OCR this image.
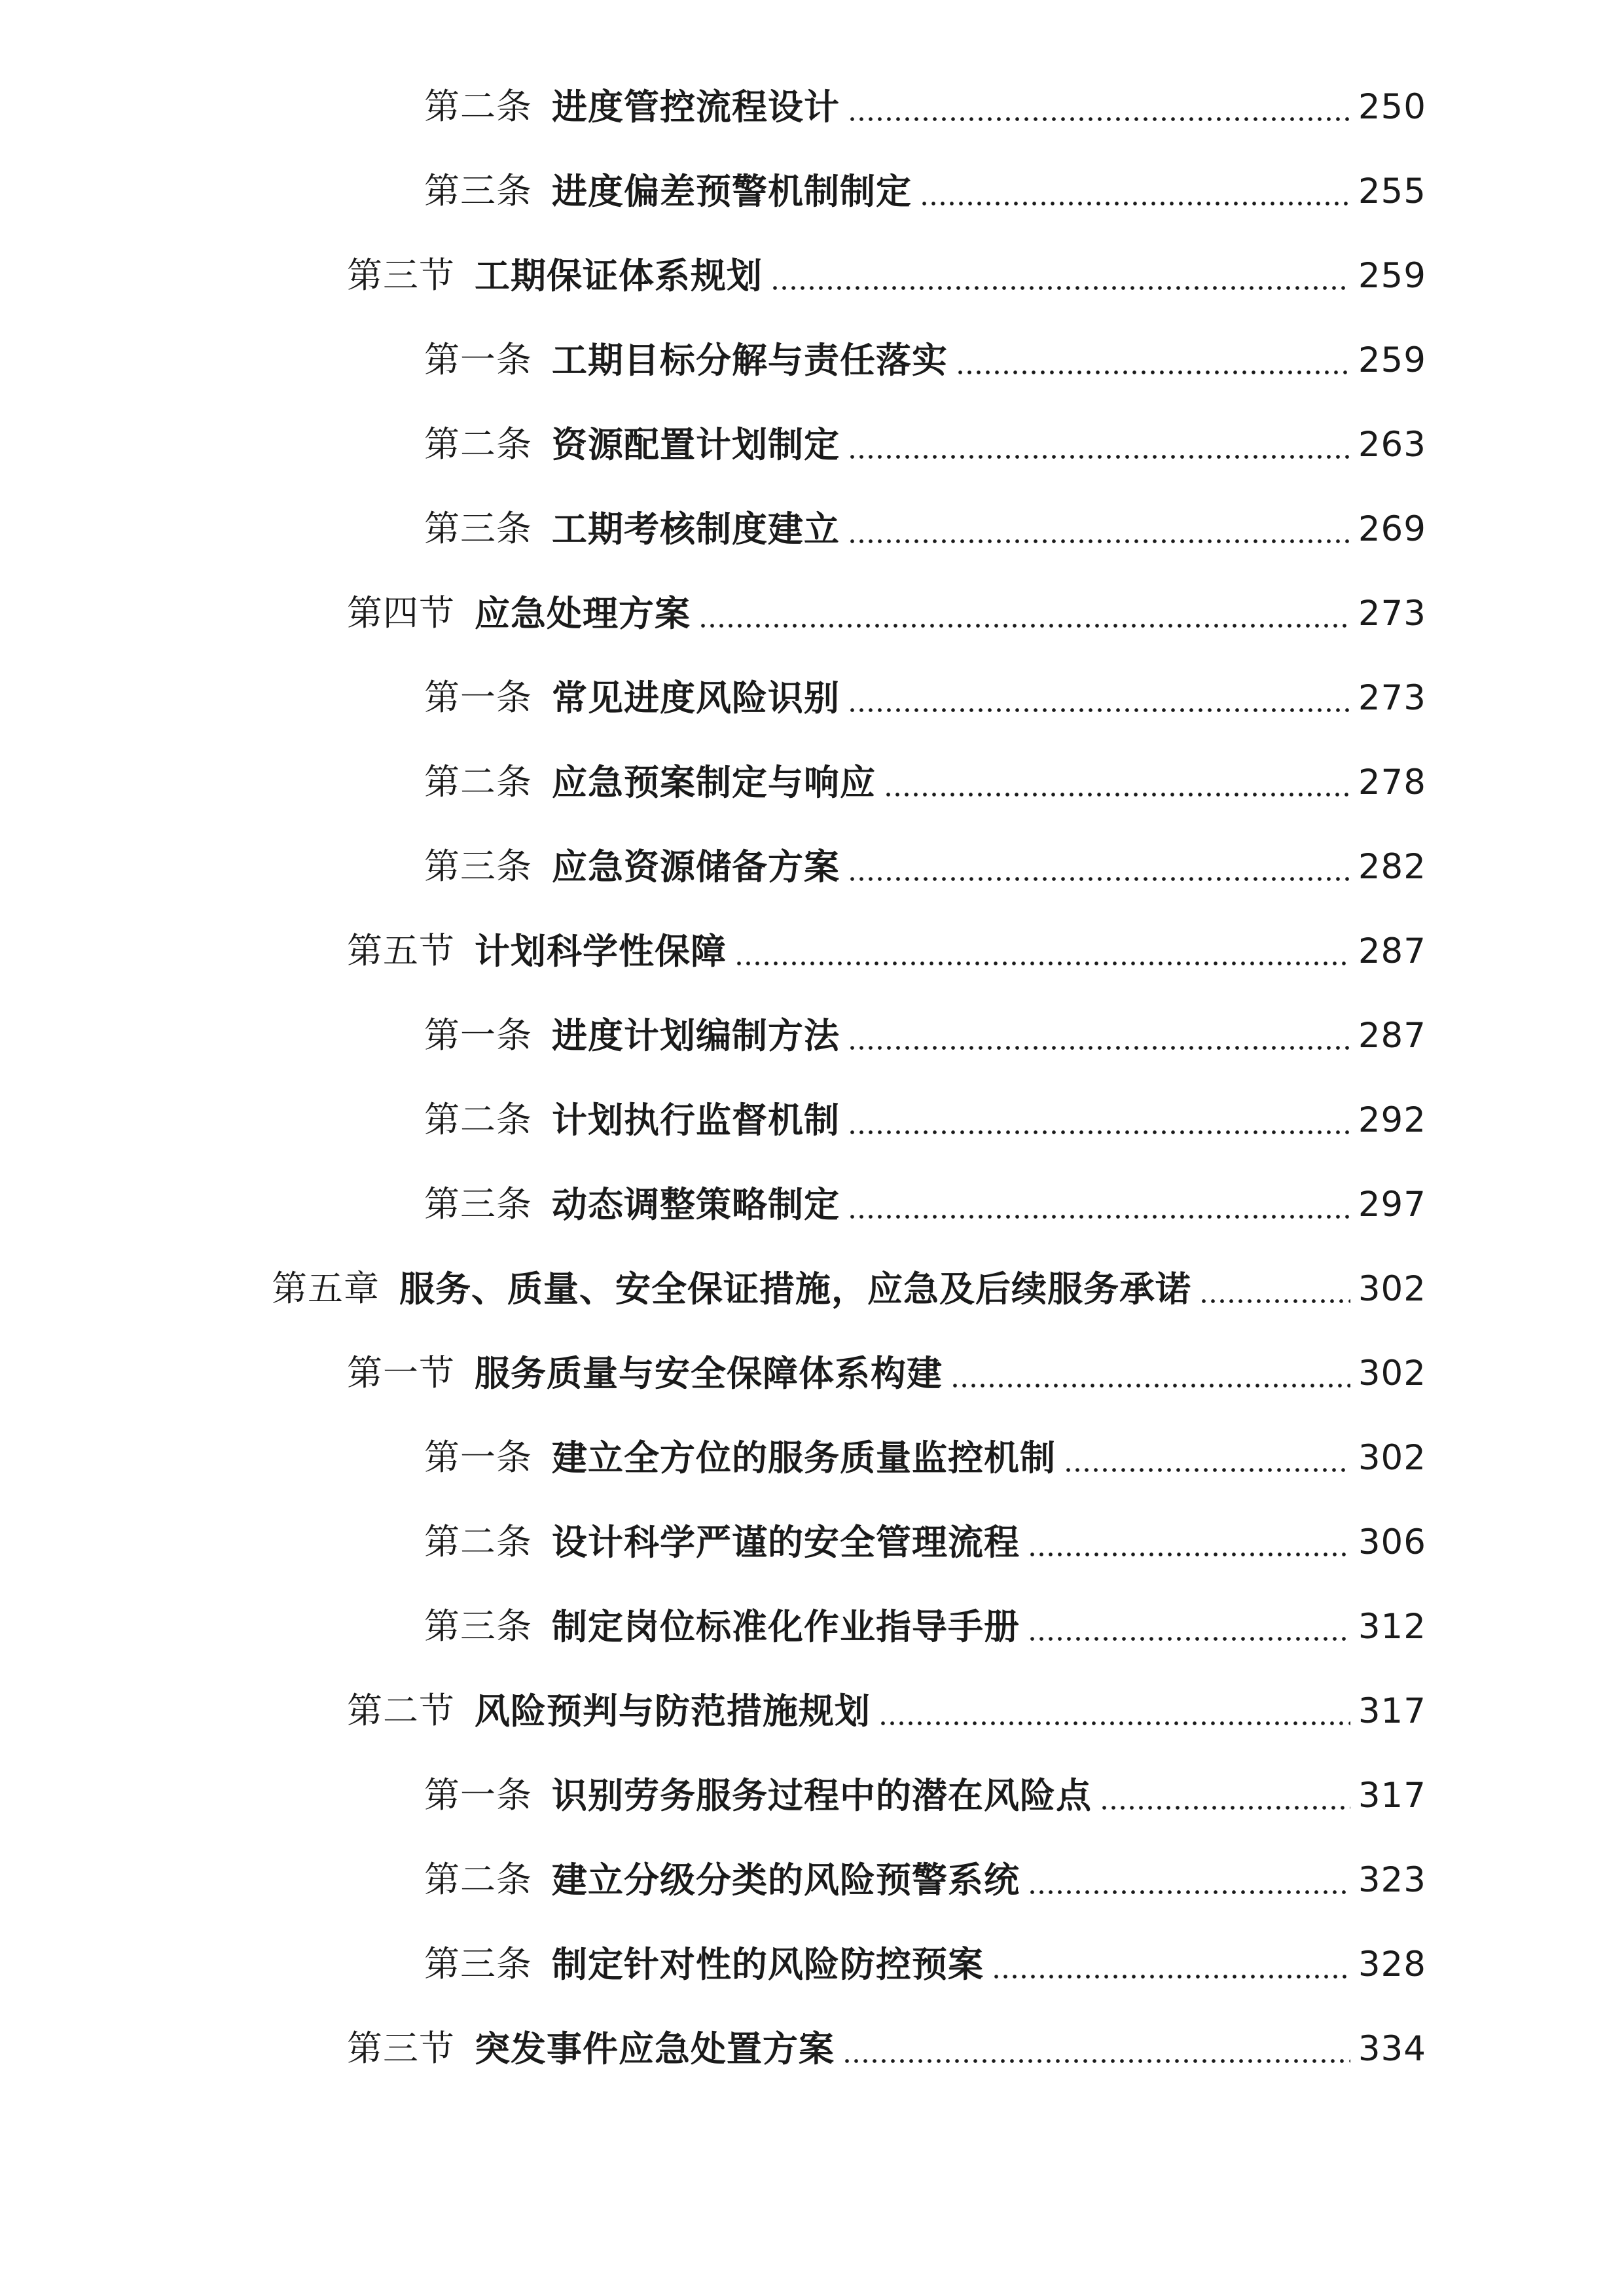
第二条 进度管控流程设计	250
第三条 进度偏差预警机制制定	255
第三节 工期保证体系规划	259
第一条 工期目标分解与责任落实	259
第二条 资源配置计划制定	263
第三条 工期考核制度建立	269
第四节 应急处理方案	273
第一条 常见进度风险识别	273
第二条 应急预案制定与响应	278
第三条 应急资源储备方案	282
第五节 计划科学性保障	287
第一条 进度计划编制方法	287
第二条 计划执行监督机制	292
第三条 动态调整策略制定	297
第五章 服务、质量、安全保证措施，应急及后续服务承诺	302
第一节 服务质量与安全保障体系构建	302
第一条 建立全方位的服务质量监控机制	302
第二条 设计科学严谨的安全管理流程	306
第三条 制定岗位标准化作业指导手册	312
第二节 风险预判与防范措施规划	317
第一条 识别劳务服务过程中的潜在风险点	317
第二条 建立分级分类的风险预警系统	323
第三条 制定针对性的风险防控预案	328
第三节 突发事件应急处置方案	334
